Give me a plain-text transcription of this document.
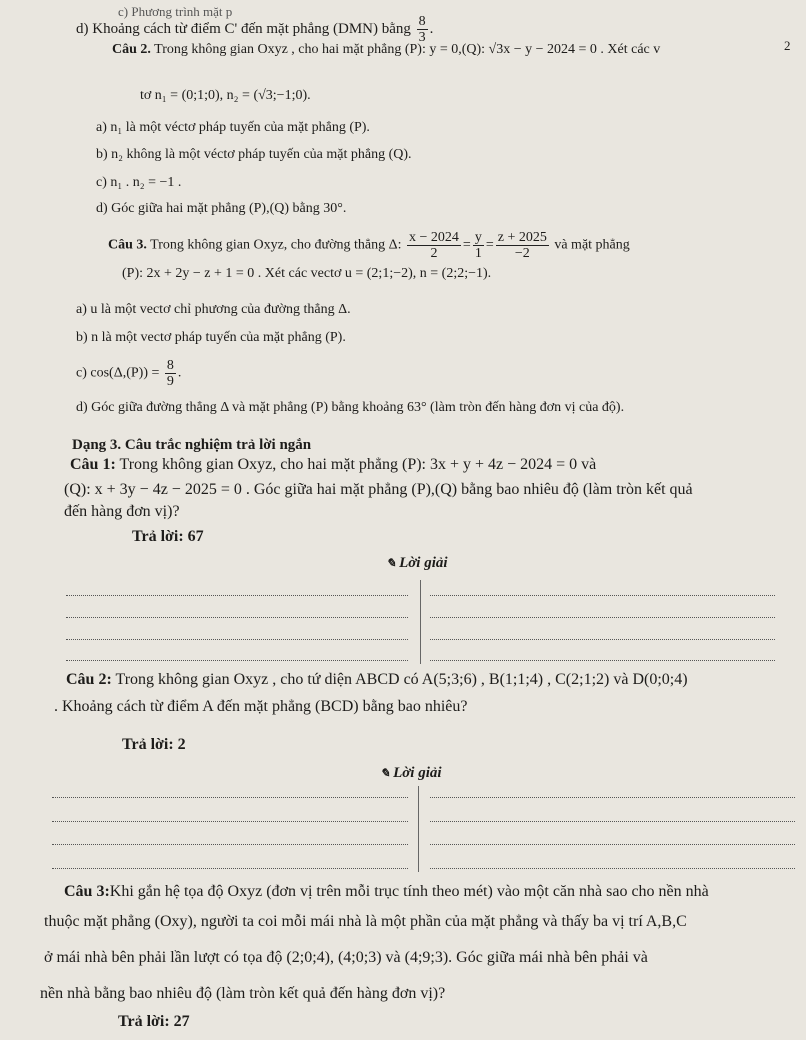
c) Phương trình mặt p
d) Khoảng cách từ điểm C' đến mặt phẳng (DMN) bằng $\frac{8}{3}$ .
Câu 2. Trong không gian Oxyz , cho hai mặt phẳng (P): y = 0,(Q): √3x − y − 2024 = 0 . Xét các v	2
tơ n₁ = (0;1;0), n₂ = (√3;−1;0).
a) n₁ là một véctơ pháp tuyến của mặt phẳng (P).
b) n₂ không là một véctơ pháp tuyến của mặt phẳng (Q).
c) n₁ . n₂ = −1 .
d) Góc giữa hai mặt phẳng (P),(Q) bằng 30°.
Câu 3. Trong không gian Oxyz, cho đường thẳng Δ: $\frac{x - 2024}{2} = \frac{y}{1} = \frac{z + 2025}{-2}$ và mặt phẳng
(P): 2x + 2y − z + 1 = 0 . Xét các vectơ u = (2;1;−2), n = (2;2;−1).
a) u là một vectơ chỉ phương của đường thẳng Δ.
b) n là một vectơ pháp tuyến của mặt phẳng (P).
c) $\cos(\Delta,(P)) = \frac{8}{9}$ .
d) Góc giữa đường thẳng Δ và mặt phẳng (P) bằng khoảng 63° (làm tròn đến hàng đơn vị của độ).
Dạng 3. Câu trắc nghiệm trả lời ngắn
Câu 1: Trong không gian Oxyz, cho hai mặt phẳng (P): 3x + y + 4z − 2024 = 0 và
(Q): x + 3y − 4z − 2025 = 0 . Góc giữa hai mặt phẳng (P),(Q) bằng bao nhiêu độ (làm tròn kết quả
đến hàng đơn vị)?
Trả lời: 67
✎ Lời giải
Câu 2: Trong không gian Oxyz , cho tứ diện ABCD có A(5;3;6) , B(1;1;4) , C(2;1;2) và D(0;0;4)
. Khoảng cách từ điểm A đến mặt phẳng (BCD) bằng bao nhiêu?
Trả lời: 2
✎ Lời giải
Câu 3:Khi gắn hệ tọa độ Oxyz (đơn vị trên mỗi trục tính theo mét) vào một căn nhà sao cho nền nhà
thuộc mặt phẳng (Oxy), người ta coi mỗi mái nhà là một phần của mặt phẳng và thấy ba vị trí A,B,C
ở mái nhà bên phải lần lượt có tọa độ (2;0;4), (4;0;3) và (4;9;3). Góc giữa mái nhà bên phải và
nền nhà bằng bao nhiêu độ (làm tròn kết quả đến hàng đơn vị)?
Trả lời: 27
